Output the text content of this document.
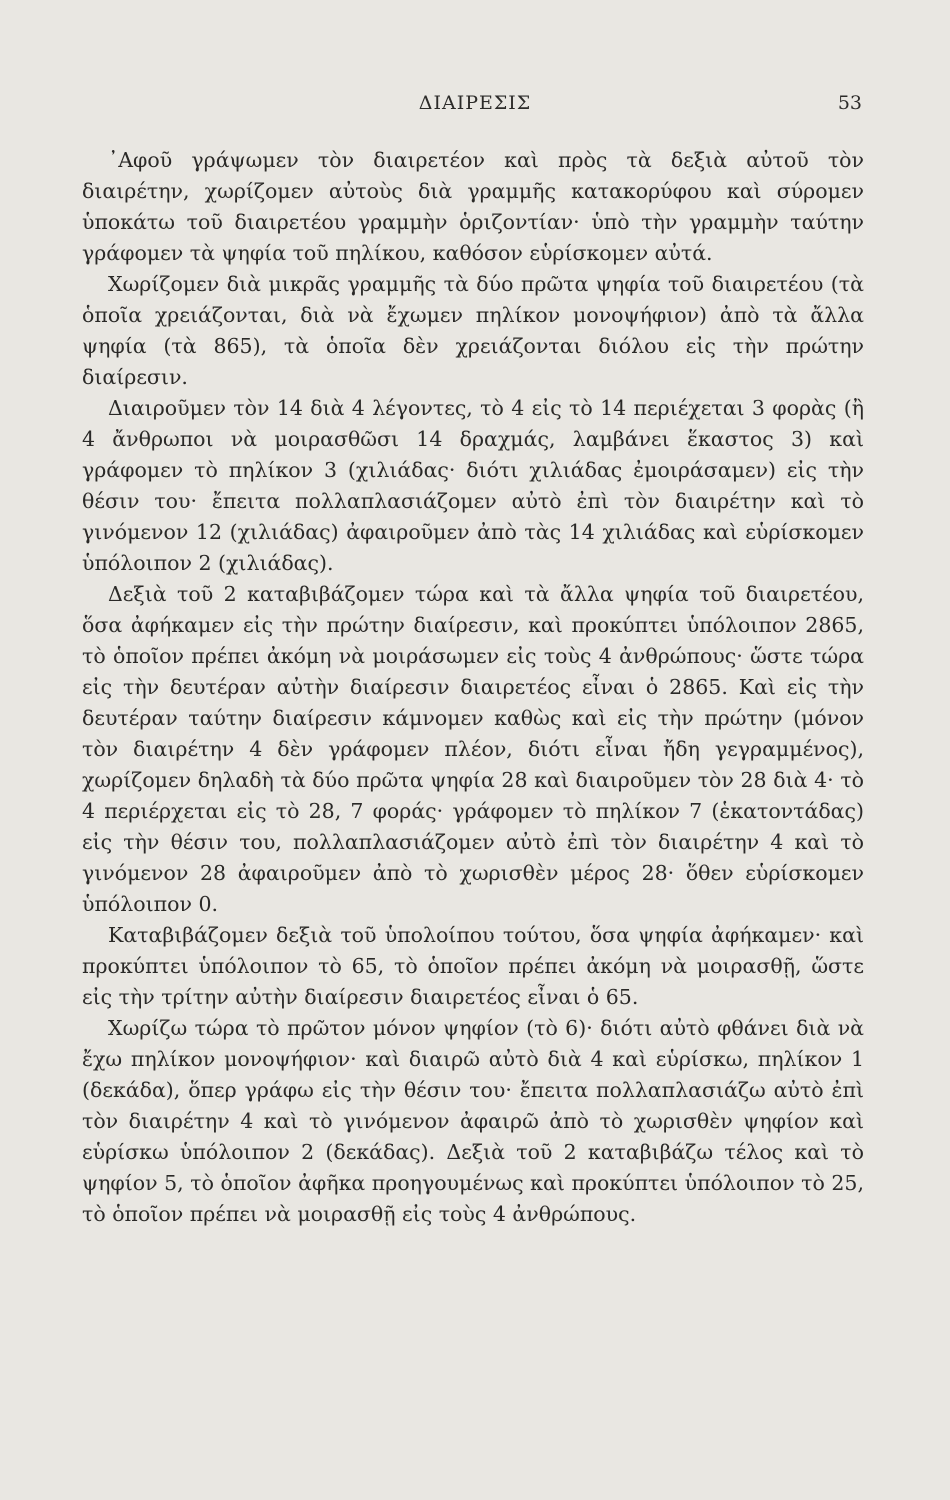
ΔΙΑΙΡΕΣΙΣ	53

᾿Αφοῦ γράψωμεν τὸν διαιρετέον καὶ πρὸς τὰ δεξιὰ αὐτοῦ τὸν διαιρέτην, χωρίζομεν αὐτοὺς διὰ γραμμῆς κατακορύφου καὶ σύρομεν ὑποκάτω τοῦ διαιρετέου γραμμὴν ὁριζοντίαν· ὑπὸ τὴν γραμμὴν ταύτην γράφομεν τὰ ψηφία τοῦ πηλίκου, καθόσον εὑρίσκομεν αὐτά.

Χωρίζομεν διὰ μικρᾶς γραμμῆς τὰ δύο πρῶτα ψηφία τοῦ διαιρετέου (τὰ ὁποῖα χρειάζονται, διὰ νὰ ἔχωμεν πηλίκον μονοψήφιον) ἀπὸ τὰ ἄλλα ψηφία (τὰ 865), τὰ ὁποῖα δὲν χρειάζονται διόλου εἰς τὴν πρώτην διαίρεσιν.

Διαιροῦμεν τὸν 14 διὰ 4 λέγοντες, τὸ 4 εἰς τὸ 14 περιέχεται 3 φορὰς (ἢ 4 ἄνθρωποι νὰ μοιρασθῶσι 14 δραχμάς, λαμβάνει ἕκαστος 3) καὶ γράφομεν τὸ πηλίκον 3 (χιλιάδας· διότι χιλιάδας ἐμοιράσαμεν) εἰς τὴν θέσιν του· ἔπειτα πολλαπλασιάζομεν αὐτὸ ἐπὶ τὸν διαιρέτην καὶ τὸ γινόμενον 12 (χιλιάδας) ἀφαιροῦμεν ἀπὸ τὰς 14 χιλιάδας καὶ εὑρίσκομεν ὑπόλοιπον 2 (χιλιάδας).

Δεξιὰ τοῦ 2 καταβιβάζομεν τώρα καὶ τὰ ἄλλα ψηφία τοῦ διαιρετέου, ὅσα ἀφήκαμεν εἰς τὴν πρώτην διαίρεσιν, καὶ προκύπτει ὑπόλοιπον 2865, τὸ ὁποῖον πρέπει ἀκόμη νὰ μοιράσωμεν εἰς τοὺς 4 ἀνθρώπους· ὥστε τώρα εἰς τὴν δευτέραν αὐτὴν διαίρεσιν διαιρετέος εἶναι ὁ 2865. Καὶ εἰς τὴν δευτέραν ταύτην διαίρεσιν κάμνομεν καθὼς καὶ εἰς τὴν πρώτην (μόνον τὸν διαιρέτην 4 δὲν γράφομεν πλέον, διότι εἶναι ἤδη γεγραμμένος), χωρίζομεν δηλαδὴ τὰ δύο πρῶτα ψηφία 28 καὶ διαιροῦμεν τὸν 28 διὰ 4· τὸ 4 περιέρχεται εἰς τὸ 28, 7 φοράς· γράφομεν τὸ πηλίκον 7 (ἑκατοντάδας) εἰς τὴν θέσιν του, πολλαπλασιάζομεν αὐτὸ ἐπὶ τὸν διαιρέτην 4 καὶ τὸ γινόμενον 28 ἀφαιροῦμεν ἀπὸ τὸ χωρισθὲν μέρος 28· ὅθεν εὑρίσκομεν ὑπόλοιπον 0.

Καταβιβάζομεν δεξιὰ τοῦ ὑπολοίπου τούτου, ὅσα ψηφία ἀφήκαμεν· καὶ προκύπτει ὑπόλοιπον τὸ 65, τὸ ὁποῖον πρέπει ἀκόμη νὰ μοιρασθῇ, ὥστε εἰς τὴν τρίτην αὐτὴν διαίρεσιν διαιρετέος εἶναι ὁ 65.

Χωρίζω τώρα τὸ πρῶτον μόνον ψηφίον (τὸ 6)· διότι αὐτὸ φθάνει διὰ νὰ ἔχω πηλίκον μονοψήφιον· καὶ διαιρῶ αὐτὸ διὰ 4 καὶ εὑρίσκω, πηλίκον 1 (δεκάδα), ὅπερ γράφω εἰς τὴν θέσιν του· ἔπειτα πολλαπλασιάζω αὐτὸ ἐπὶ τὸν διαιρέτην 4 καὶ τὸ γινόμενον ἀφαιρῶ ἀπὸ τὸ χωρισθὲν ψηφίον καὶ εὑρίσκω ὑπόλοιπον 2 (δεκάδας). Δεξιὰ τοῦ 2 καταβιβάζω τέλος καὶ τὸ ψηφίον 5, τὸ ὁποῖον ἀφῆκα προηγουμένως καὶ προκύπτει ὑπόλοιπον τὸ 25, τὸ ὁποῖον πρέπει νὰ μοιρασθῇ εἰς τοὺς 4 ἀνθρώπους.
